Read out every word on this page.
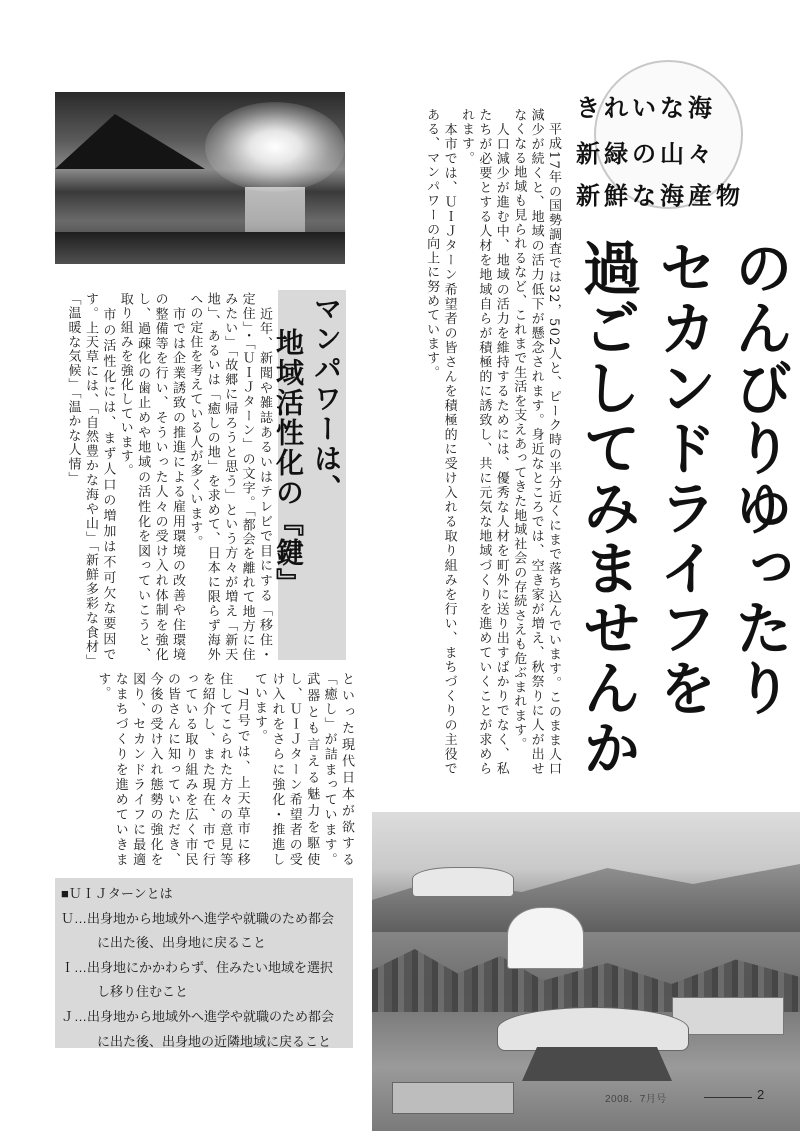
きれいな海
新緑の山々
新鮮な海産物
のんびりゆったり
セカンドライフを
過ごしてみませんか
　平成17年の国勢調査では32，502人と、ピーク時の半分近くにまで落ち込んでいます。このまま人口減少が続くと、地域の活力低下が懸念されます。身近なところでは、空き家が増え、秋祭りに人が出せなくなる地域も見られるなど、これまで生活を支えあってきた地域社会の存続さえも危ぶまれます。
　人口減少が進む中、地域の活力を維持するためには、優秀な人材を町外に送り出すばかりでなく、私たちが必要とする人材を地域自らが積極的に誘致し、共に元気な地域づくりを進めていくことが求められます。
　本市では、ＵＩＪターン希望者の皆さんを積極的に受け入れる取り組みを行い、まちづくりの主役である、マンパワーの向上に努めています。
マンパワーは、
地域活性化の『鍵』
　近年、新聞や雑誌あるいはテレビで目にする「移住・定住」・「ＵＩＪターン」の文字。「都会を離れて地方に住みたい」「故郷に帰ろうと思う」という方々が増え「新天地」、あるいは「癒しの地」を求めて、日本に限らず海外への定住を考えている人が多くいます。
　市では企業誘致の推進による雇用環境の改善や住環境の整備等を行い、そういった人々の受け入れ体制を強化し、過疎化の歯止めや地域の活性化を図っていこうと、取り組みを強化しています。
　市の活性化には、まず人口の増加は不可欠な要因です。上天草には、「自然豊かな海や山」「新鮮多彩な食材」「温暖な気候」「温かな人情」
といった現代日本が欲する「癒し」が詰まっています。武器とも言える魅力を駆使し、ＵＩＪターン希望者の受け入れをさらに強化・推進しています。
　7月号では、上天草市に移住してこられた方々の意見等を紹介し、また現在、市で行っている取り組みを広く市民の皆さんに知っていただき、今後の受け入れ態勢の強化を図り、セカンドライフに最適なまちづくりを進めていきます。
■ＵＩＪターンとは
Ｕ…出身地から地域外へ進学や就職のため都会
に出た後、出身地に戻ること
Ｉ…出身地にかかわらず、住みたい地域を選択
し移り住むこと
Ｊ…出身地から地域外へ進学や就職のため都会
に出た後、出身地の近隣地域に戻ること
2008．7月号	2
